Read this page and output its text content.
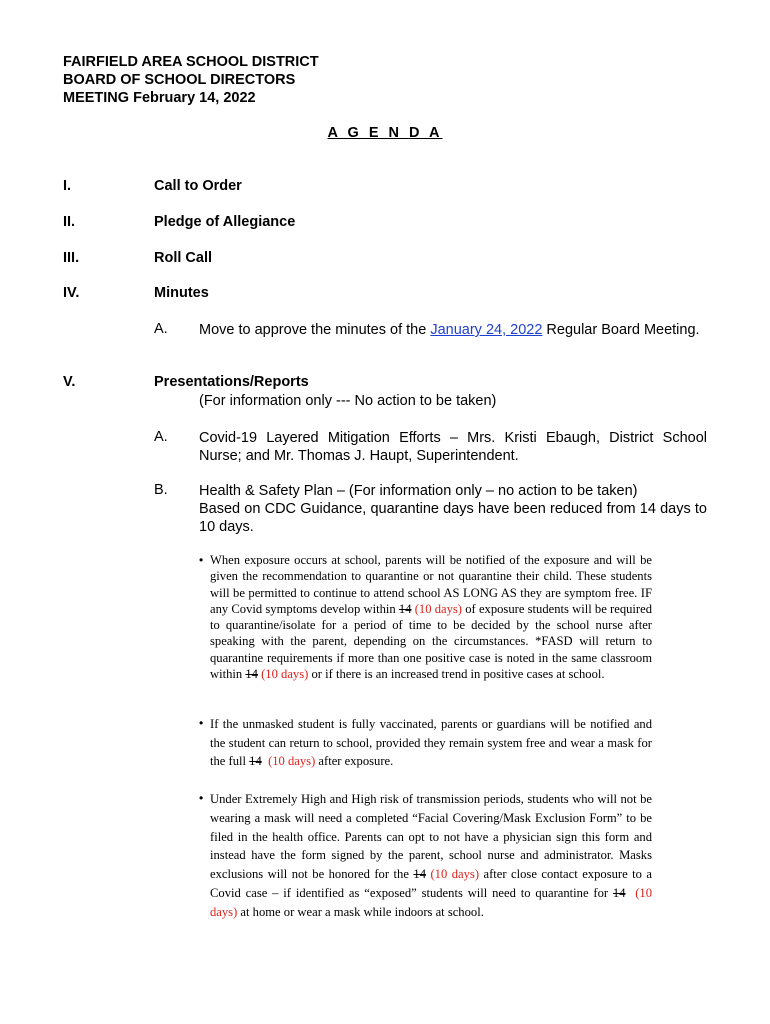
FAIRFIELD AREA SCHOOL DISTRICT
BOARD OF SCHOOL DIRECTORS
MEETING February 14, 2022
A G E N D A
I.	Call to Order
II.	Pledge of Allegiance
III.	Roll Call
IV.	Minutes
A. Move to approve the minutes of the January 24, 2022 Regular Board Meeting.
V.	Presentations/Reports
(For information only --- No action to be taken)
A. Covid-19 Layered Mitigation Efforts – Mrs. Kristi Ebaugh, District School Nurse; and Mr. Thomas J. Haupt, Superintendent.
B. Health & Safety Plan – (For information only – no action to be taken)
Based on CDC Guidance, quarantine days have been reduced from 14 days to 10 days.
• When exposure occurs at school, parents will be notified of the exposure and will be given the recommendation to quarantine or not quarantine their child. These students will be permitted to continue to attend school AS LONG AS they are symptom free. IF any Covid symptoms develop within 14 (10 days) of exposure students will be required to quarantine/isolate for a period of time to be decided by the school nurse after speaking with the parent, depending on the circumstances. *FASD will return to quarantine requirements if more than one positive case is noted in the same classroom within 14 (10 days) or if there is an increased trend in positive cases at school.
• If the unmasked student is fully vaccinated, parents or guardians will be notified and the student can return to school, provided they remain system free and wear a mask for the full 14 (10 days) after exposure.
• Under Extremely High and High risk of transmission periods, students who will not be wearing a mask will need a completed “Facial Covering/Mask Exclusion Form” to be filed in the health office. Parents can opt to not have a physician sign this form and instead have the form signed by the parent, school nurse and administrator. Masks exclusions will not be honored for the 14 (10 days) after close contact exposure to a Covid case – if identified as “exposed” students will need to quarantine for 14 (10 days) at home or wear a mask while indoors at school.
